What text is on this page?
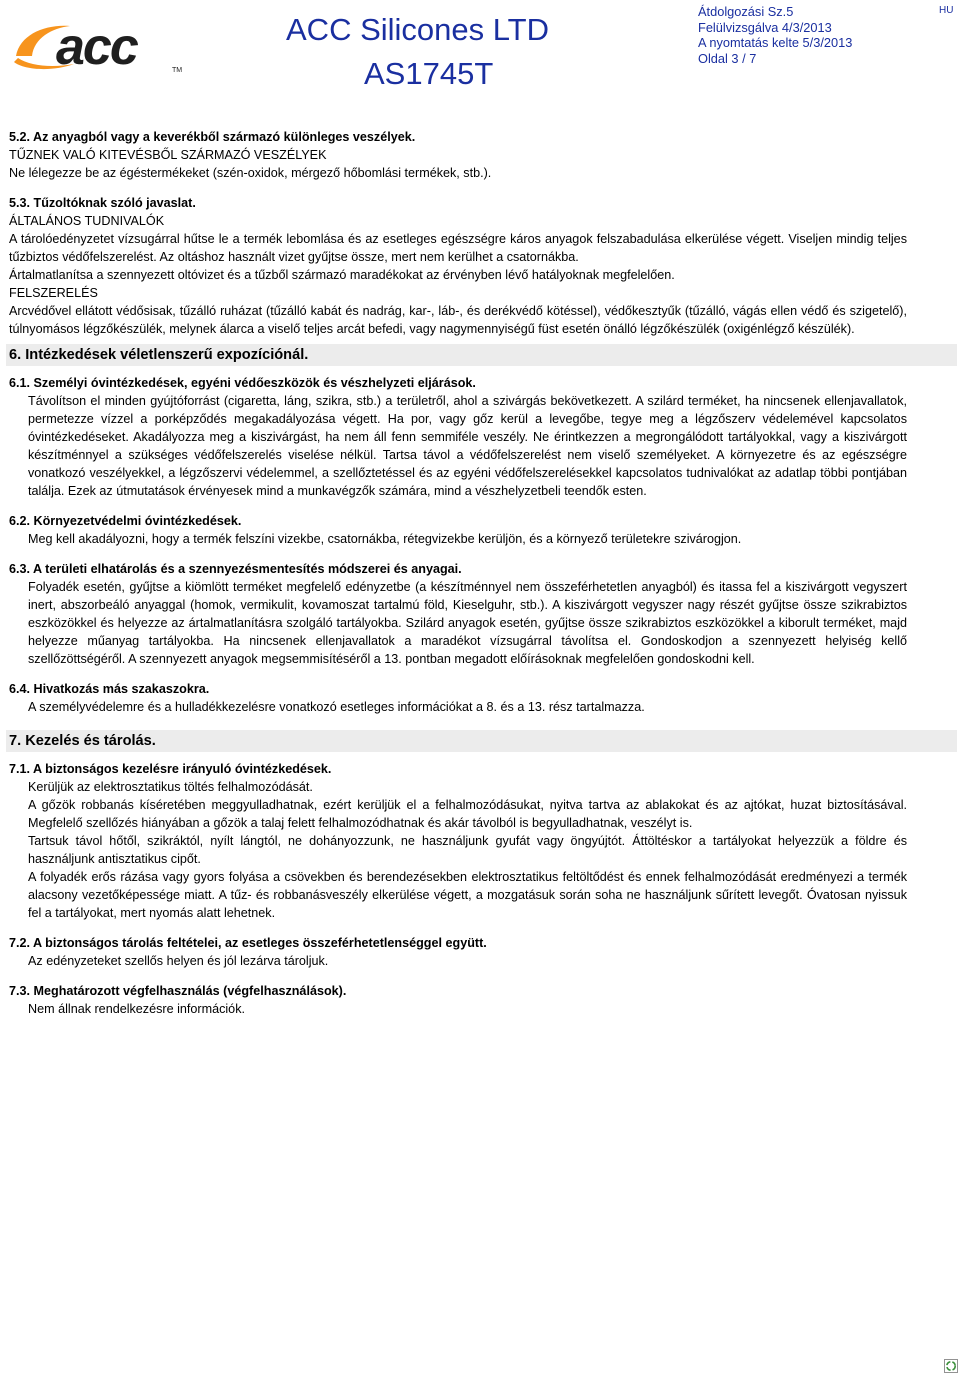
acc	TM
ACC Silicones LTD
AS1745T
Átdolgozási Sz.5
Felülvizsgálva 4/3/2013
A nyomtatás kelte 5/3/2013
Oldal 3 / 7
HU

5.2. Az anyagból vagy a keverékből származó különleges veszélyek.

TŰZNEK VALÓ KITEVÉSBŐL SZÁRMAZÓ VESZÉLYEK

Ne lélegezze be az égéstermékeket (szén-oxidok, mérgező hőbomlási termékek, stb.).

5.3. Tűzoltóknak szóló javaslat.

ÁLTALÁNOS TUDNIVALÓK

A tárolóedényzetet vízsugárral hűtse le a termék lebomlása és az esetleges egészségre káros anyagok felszabadulása elkerülése végett. Viseljen mindig teljes tűzbiztos védőfelszerelést. Az oltáshoz használt vizet gyűjtse össze, mert nem kerülhet a csatornákba.

Ártalmatlanítsa a szennyezett oltóvizet és a tűzből származó maradékokat az érvényben lévő hatályoknak megfelelően.

FELSZERELÉS

Arcvédővel ellátott védősisak, tűzálló ruházat (tűzálló kabát és nadrág, kar-, láb-, és derékvédő kötéssel), védőkesztyűk (tűzálló, vágás ellen védő és szigetelő), túlnyomásos légzőkészülék, melynek álarca a viselő teljes arcát befedi, vagy nagymennyiségű füst esetén önálló légzőkészülék (oxigénlégző készülék).

6. Intézkedések véletlenszerű expozíciónál.

6.1. Személyi óvintézkedések, egyéni védőeszközök és vészhelyzeti eljárások.

Távolítson el minden gyújtóforrást (cigaretta, láng, szikra, stb.) a területről, ahol a szivárgás bekövetkezett. A szilárd terméket, ha nincsenek ellenjavallatok, permetezze vízzel a porképződés megakadályozása végett. Ha por, vagy gőz kerül a levegőbe, tegye meg a légzőszerv védelemével kapcsolatos óvintézkedéseket. Akadályozza meg a kiszivárgást, ha nem áll fenn semmiféle veszély. Ne érintkezzen a megrongálódott tartályokkal, vagy a kiszivárgott készítménnyel a szükséges védőfelszerelés viselése nélkül. Tartsa távol a védőfelszerelést nem viselő személyeket. A környezetre és az egészségre vonatkozó veszélyekkel, a légzőszervi védelemmel, a szellőztetéssel és az egyéni védőfelszerelésekkel kapcsolatos tudnivalókat az adatlap többi pontjában találja. Ezek az útmutatások érvényesek mind a munkavégzők számára, mind a vészhelyzetbeli teendők esten.

6.2. Környezetvédelmi óvintézkedések.

Meg kell akadályozni, hogy a termék felszíni vizekbe, csatornákba, rétegvizekbe kerüljön, és a környező területekre szivárogjon.

6.3. A területi elhatárolás és a szennyezésmentesítés módszerei és anyagai.

Folyadék esetén, gyűjtse a kiömlött terméket megfelelő edényzetbe (a készítménnyel nem összeférhetetlen anyagból) és itassa fel a kiszivárgott vegyszert inert, abszorbeáló anyaggal (homok, vermikulit, kovamoszat tartalmú föld, Kieselguhr, stb.). A kiszivárgott vegyszer nagy részét gyűjtse össze szikrabiztos eszközökkel és helyezze az ártalmatlanításra szolgáló tartályokba. Szilárd anyagok esetén, gyűjtse össze szikrabiztos eszközökkel a kiborult terméket, majd helyezze műanyag tartályokba. Ha nincsenek ellenjavallatok a maradékot vízsugárral távolítsa el. Gondoskodjon a szennyezett helyiség kellő szellőzöttségéről. A szennyezett anyagok megsemmisítéséről a 13. pontban megadott előírásoknak megfelelően gondoskodni kell.

6.4. Hivatkozás más szakaszokra.

A személyvédelemre és a hulladékkezelésre vonatkozó esetleges információkat a 8. és a 13. rész tartalmazza.

7. Kezelés és tárolás.

7.1. A biztonságos kezelésre irányuló óvintézkedések.

Kerüljük az elektrosztatikus töltés felhalmozódását.

A gőzök robbanás kíséretében meggyulladhatnak, ezért kerüljük el a felhalmozódásukat, nyitva tartva az ablakokat és az ajtókat, huzat biztosításával. Megfelelő szellőzés hiányában a gőzök a talaj felett felhalmozódhatnak és akár távolból is begyulladhatnak, veszélyt is.

Tartsuk távol hőtől, szikráktól, nyílt lángtól, ne dohányozzunk, ne használjunk gyufát vagy öngyújtót. Áttöltéskor a tartályokat helyezzük a földre és használjunk antisztatikus cipőt.

A folyadék erős rázása vagy gyors folyása a csövekben és berendezésekben elektrosztatikus feltöltődést és ennek felhalmozódását eredményezi a termék alacsony vezetőképessége miatt. A tűz- és robbanásveszély elkerülése végett, a mozgatásuk során soha ne használjunk sűrített levegőt. Óvatosan nyissuk fel a tartályokat, mert nyomás alatt lehetnek.

7.2. A biztonságos tárolás feltételei, az esetleges összeférhetetlenséggel együtt.

Az edényzeteket szellős helyen és jól lezárva tároljuk.

7.3. Meghatározott végfelhasználás (végfelhasználások).

Nem állnak rendelkezésre információk.
